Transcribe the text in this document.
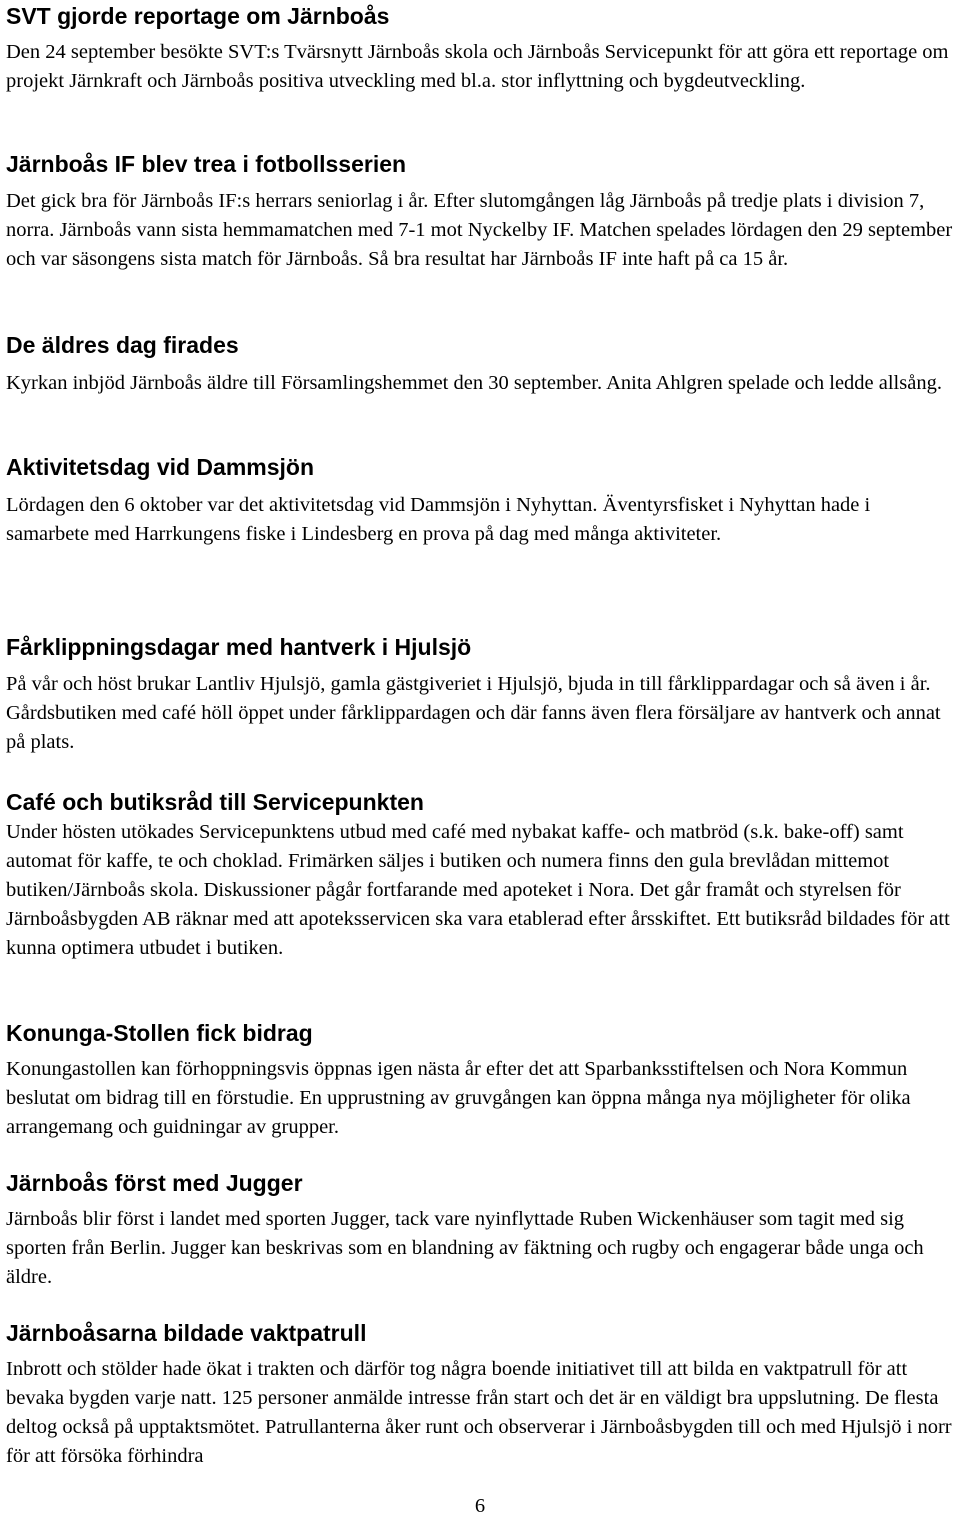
SVT gjorde reportage om Järnboås

Den 24 september besökte SVT:s Tvärsnytt Järnboås skola och Järnboås Servicepunkt för att göra ett reportage om projekt Järnkraft och Järnboås positiva utveckling med bl.a. stor inflyttning och bygdeutveckling.

Järnboås IF blev trea i fotbollsserien

Det gick bra för Järnboås IF:s herrars seniorlag i år. Efter slutomgången låg Järnboås på tredje plats i division 7, norra. Järnboås vann sista hemmamatchen med 7-1 mot Nyckelby IF. Matchen spelades lördagen den 29 september och var säsongens sista match för Järnboås. Så bra resultat har Järnboås IF inte haft på ca 15 år.

De äldres dag firades

Kyrkan inbjöd Järnboås äldre till Församlingshemmet den 30 september. Anita Ahlgren spelade och ledde allsång.

Aktivitetsdag vid Dammsjön

Lördagen den 6 oktober var det aktivitetsdag vid Dammsjön i Nyhyttan. Äventyrsfisket i Nyhyttan hade i samarbete med Harrkungens fiske i Lindesberg en prova på dag med många aktiviteter.

Fårklippningsdagar med hantverk i Hjulsjö

På vår och höst brukar Lantliv Hjulsjö, gamla gästgiveriet i Hjulsjö, bjuda in till fårklippardagar och så även i år. Gårdsbutiken med café höll öppet under fårklippardagen och där fanns även flera försäljare av hantverk och annat på plats.

Café och butiksråd till Servicepunkten

Under hösten utökades Servicepunktens utbud med café med nybakat kaffe- och matbröd (s.k. bake-off) samt automat för kaffe, te och choklad. Frimärken säljes i butiken och numera finns den gula brevlådan mittemot butiken/Järnboås skola. Diskussioner pågår fortfarande med apoteket i Nora. Det går framåt och styrelsen för Järnboåsbygden AB räknar med att apoteksservicen ska vara etablerad efter årsskiftet. Ett butiksråd bildades för att kunna optimera utbudet i butiken.

Konunga-Stollen fick bidrag

Konungastollen kan förhoppningsvis öppnas igen nästa år efter det att Sparbanksstiftelsen och Nora Kommun beslutat om bidrag till en förstudie. En upprustning av gruvgången kan öppna många nya möjligheter för olika arrangemang och guidningar av grupper.

Järnboås först med Jugger

Järnboås blir först i landet med sporten Jugger, tack vare nyinflyttade Ruben Wickenhäuser som tagit med sig sporten från Berlin. Jugger kan beskrivas som en blandning av fäktning och rugby och engagerar både unga och äldre.

Järnboåsarna bildade vaktpatrull

Inbrott och stölder hade ökat i trakten och därför tog några boende initiativet till att bilda en vaktpatrull för att bevaka bygden varje natt. 125 personer anmälde intresse från start och det är en väldigt bra uppslutning. De flesta deltog också på upptaktsmötet. Patrullanterna åker runt och observerar i Järnboåsbygden till och med Hjulsjö i norr för att försöka förhindra

6
